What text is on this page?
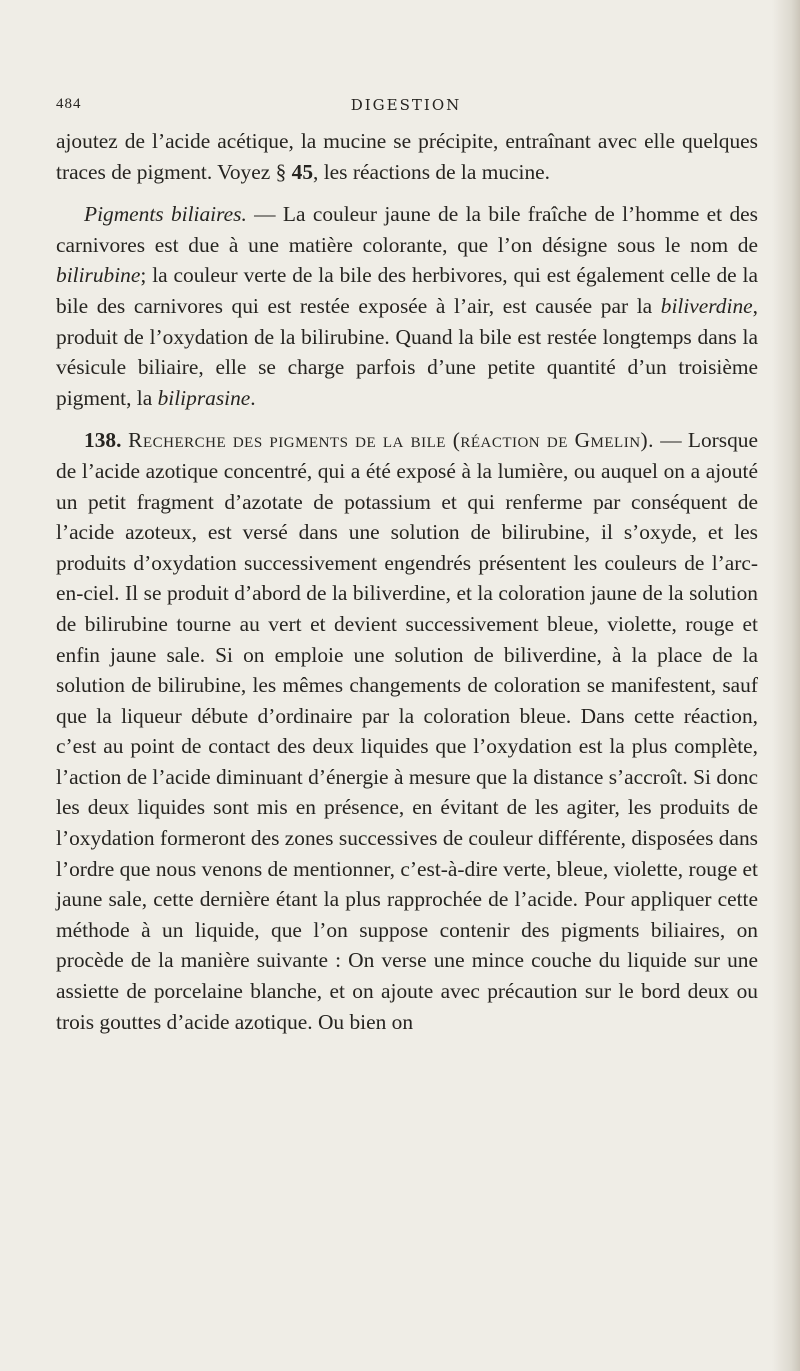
484	DIGESTION

ajoutez de l’acide acétique, la mucine se précipite, entraînant avec elle quelques traces de pigment. Voyez § 45, les réactions de la mucine.

Pigments biliaires. — La couleur jaune de la bile fraîche de l’homme et des carnivores est due à une matière colorante, que l’on désigne sous le nom de bilirubine; la couleur verte de la bile des herbivores, qui est également celle de la bile des carnivores qui est restée exposée à l’air, est causée par la biliverdine, produit de l’oxydation de la bilirubine. Quand la bile est restée longtemps dans la vésicule biliaire, elle se charge parfois d’une petite quantité d’un troisième pigment, la biliprasine.

138. Recherche des pigments de la bile (réaction de Gmelin). — Lorsque de l’acide azotique concentré, qui a été exposé à la lumière, ou auquel on a ajouté un petit fragment d’azotate de potassium et qui renferme par conséquent de l’acide azoteux, est versé dans une solution de bilirubine, il s’oxyde, et les produits d’oxydation successivement engendrés présentent les couleurs de l’arc-en-ciel. Il se produit d’abord de la biliverdine, et la coloration jaune de la solution de bilirubine tourne au vert et devient successivement bleue, violette, rouge et enfin jaune sale. Si on emploie une solution de biliverdine, à la place de la solution de bilirubine, les mêmes changements de coloration se manifestent, sauf que la liqueur débute d’ordinaire par la coloration bleue. Dans cette réaction, c’est au point de contact des deux liquides que l’oxydation est la plus complète, l’action de l’acide diminuant d’énergie à mesure que la distance s’accroît. Si donc les deux liquides sont mis en présence, en évitant de les agiter, les produits de l’oxydation formeront des zones successives de couleur différente, disposées dans l’ordre que nous venons de mentionner, c’est-à-dire verte, bleue, violette, rouge et jaune sale, cette dernière étant la plus rapprochée de l’acide. Pour appliquer cette méthode à un liquide, que l’on suppose contenir des pigments biliaires, on procède de la manière suivante : On verse une mince couche du liquide sur une assiette de porcelaine blanche, et on ajoute avec précaution sur le bord deux ou trois gouttes d’acide azotique. Ou bien on
